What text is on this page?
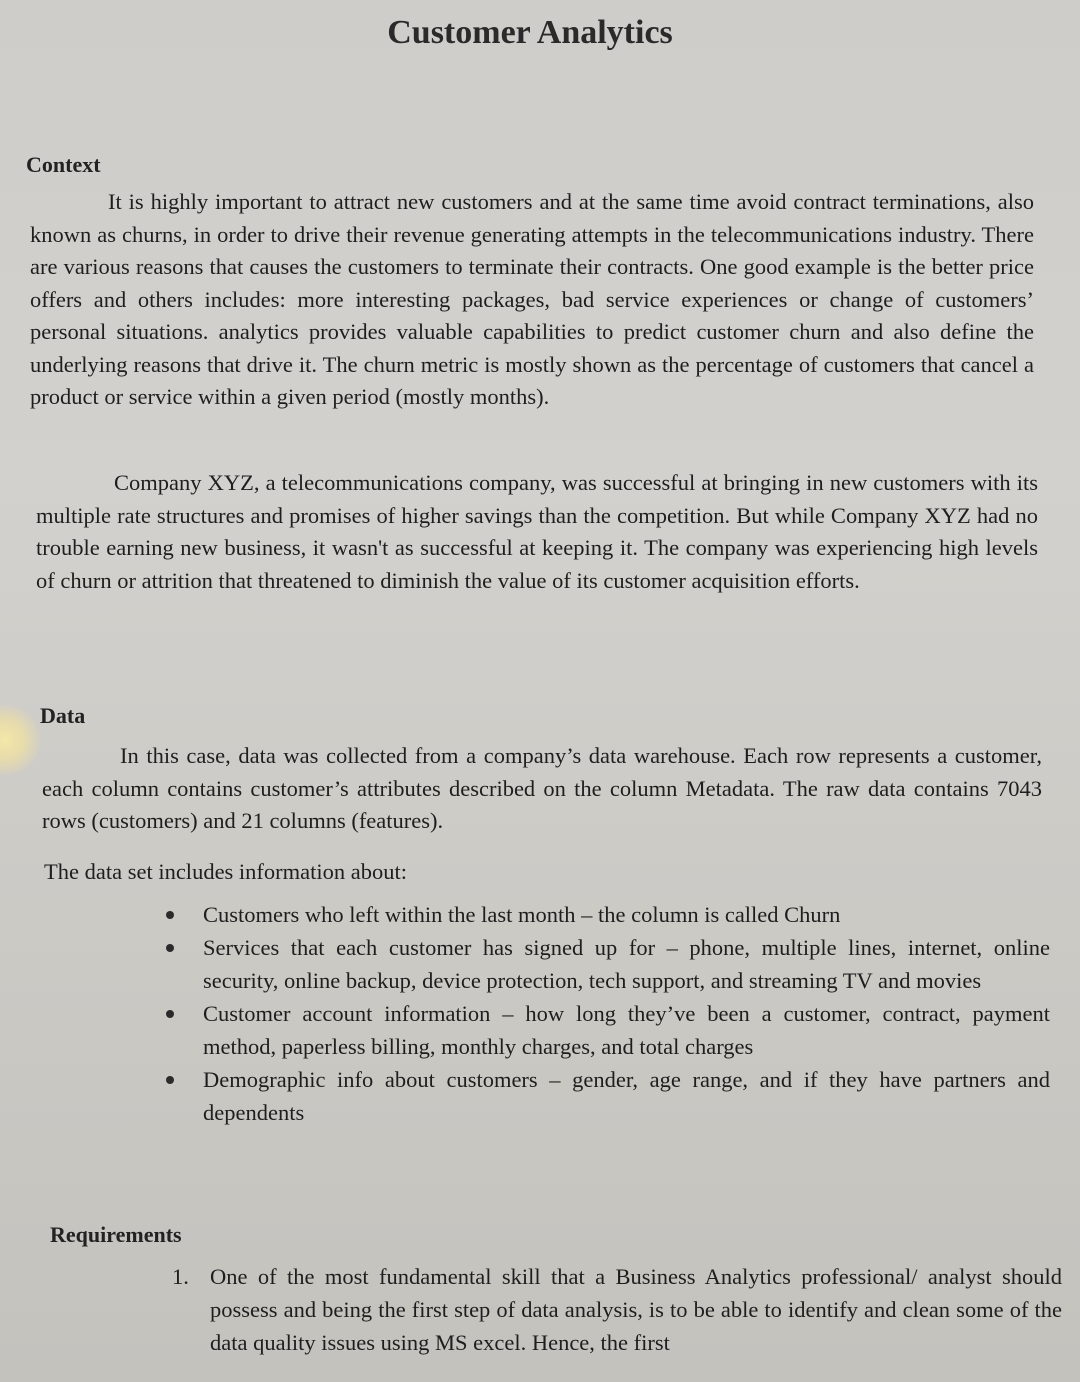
Customer Analytics
Context

It is highly important to attract new customers and at the same time avoid contract terminations, also known as churns, in order to drive their revenue generating attempts in the telecommunications industry. There are various reasons that causes the customers to terminate their contracts. One good example is the better price offers and others includes: more interesting packages, bad service experiences or change of customers’ personal situations. analytics provides valuable capabilities to predict customer churn and also define the underlying reasons that drive it. The churn metric is mostly shown as the percentage of customers that cancel a product or service within a given period (mostly months).

Company XYZ, a telecommunications company, was successful at bringing in new customers with its multiple rate structures and promises of higher savings than the competition. But while Company XYZ had no trouble earning new business, it wasn't as successful at keeping it. The company was experiencing high levels of churn or attrition that threatened to diminish the value of its customer acquisition efforts.

Data

In this case, data was collected from a company’s data warehouse. Each row represents a customer, each column contains customer’s attributes described on the column Metadata. The raw data contains 7043 rows (customers) and 21 columns (features).

The data set includes information about:
Customers who left within the last month – the column is called Churn
Services that each customer has signed up for – phone, multiple lines, internet, online security, online backup, device protection, tech support, and streaming TV and movies
Customer account information – how long they’ve been a customer, contract, payment method, paperless billing, monthly charges, and total charges
Demographic info about customers – gender, age range, and if they have partners and dependents
Requirements
1. One of the most fundamental skill that a Business Analytics professional/ analyst should possess and being the first step of data analysis, is to be able to identify and clean some of the data quality issues using MS excel. Hence, the first
